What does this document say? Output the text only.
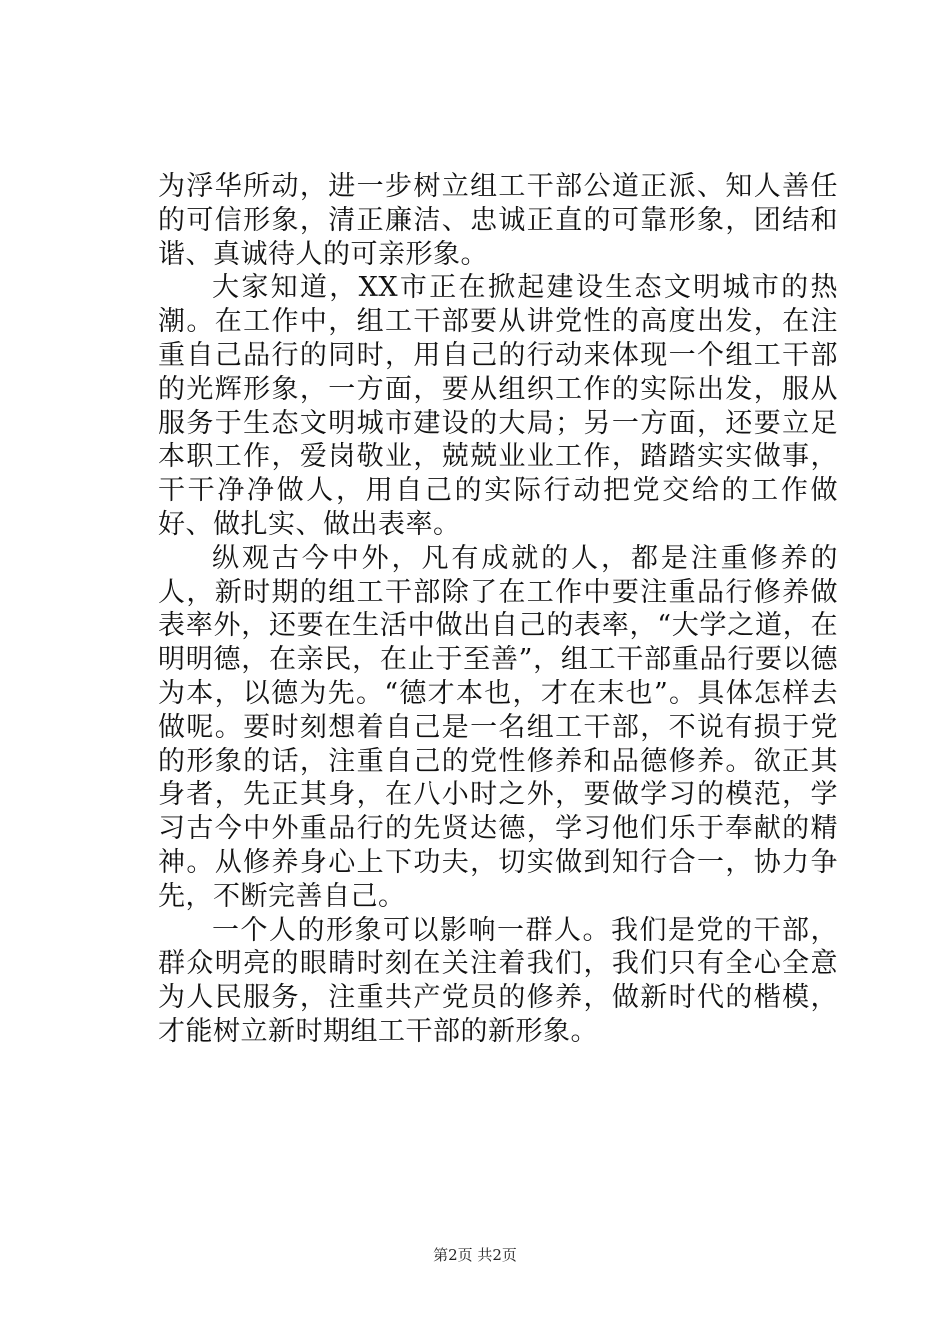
为浮华所动，进一步树立组工干部公道正派、知人善任的可信形象，清正廉洁、忠诚正直的可靠形象，团结和谐、真诚待人的可亲形象。

大家知道，XX市正在掀起建设生态文明城市的热潮。在工作中，组工干部要从讲党性的高度出发，在注重自己品行的同时，用自己的行动来体现一个组工干部的光辉形象，一方面，要从组织工作的实际出发，服从服务于生态文明城市建设的大局；另一方面，还要立足本职工作，爱岗敬业，兢兢业业工作，踏踏实实做事，干干净净做人，用自己的实际行动把党交给的工作做好、做扎实、做出表率。

纵观古今中外，凡有成就的人，都是注重修养的人，新时期的组工干部除了在工作中要注重品行修养做表率外，还要在生活中做出自己的表率，“大学之道，在明明德，在亲民，在止于至善”，组工干部重品行要以德为本，以德为先。“德才本也，才在末也”。具体怎样去做呢。要时刻想着自己是一名组工干部，不说有损于党的形象的话，注重自己的党性修养和品德修养。欲正其身者，先正其身，在八小时之外，要做学习的模范，学习古今中外重品行的先贤达德，学习他们乐于奉献的精神。从修养身心上下功夫，切实做到知行合一，协力争先，不断完善自己。

一个人的形象可以影响一群人。我们是党的干部，群众明亮的眼睛时刻在关注着我们，我们只有全心全意为人民服务，注重共产党员的修养，做新时代的楷模，才能树立新时期组工干部的新形象。

第2页 共2页
